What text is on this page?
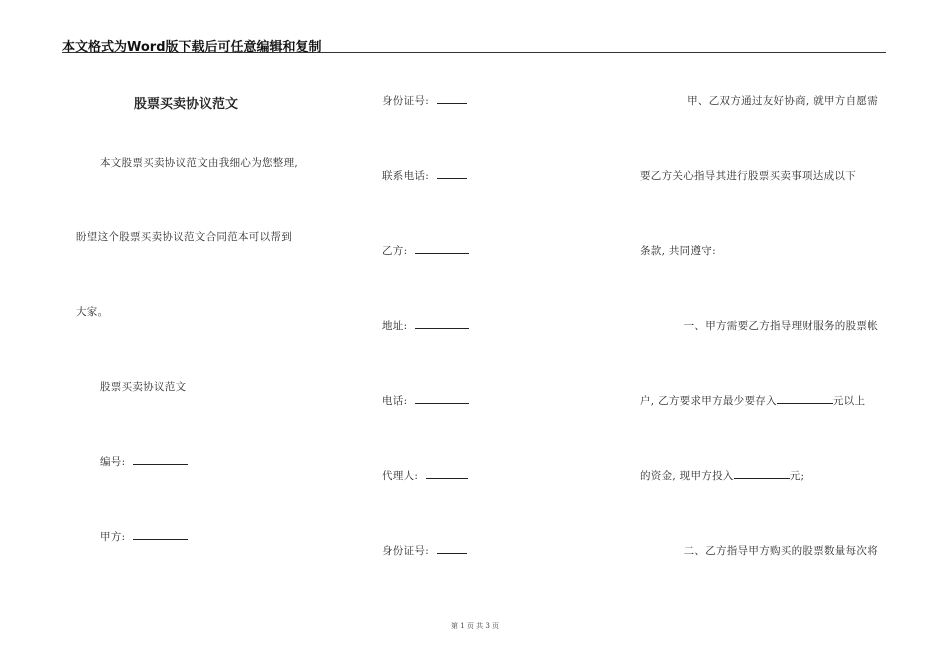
本文格式为Word版下载后可任意编辑和复制
股票买卖协议范文
本文股票买卖协议范文由我细心为您整理,
盼望这个股票买卖协议范文合同范本可以帮到
大家。
股票买卖协议范文
编号:
甲方:
身份证号:
联系电话:
乙方:
地址:
电话:
代理人:
身份证号:
甲、乙双方通过友好协商, 就甲方自愿需
要乙方关心指导其进行股票买卖事项达成以下
条款, 共同遵守:
一、甲方需要乙方指导理财服务的股票帐
户, 乙方要求甲方最少要存入	元以上
的资金, 现甲方投入	元;
二、乙方指导甲方购买的股票数量每次将
第 1 页 共 3 页
